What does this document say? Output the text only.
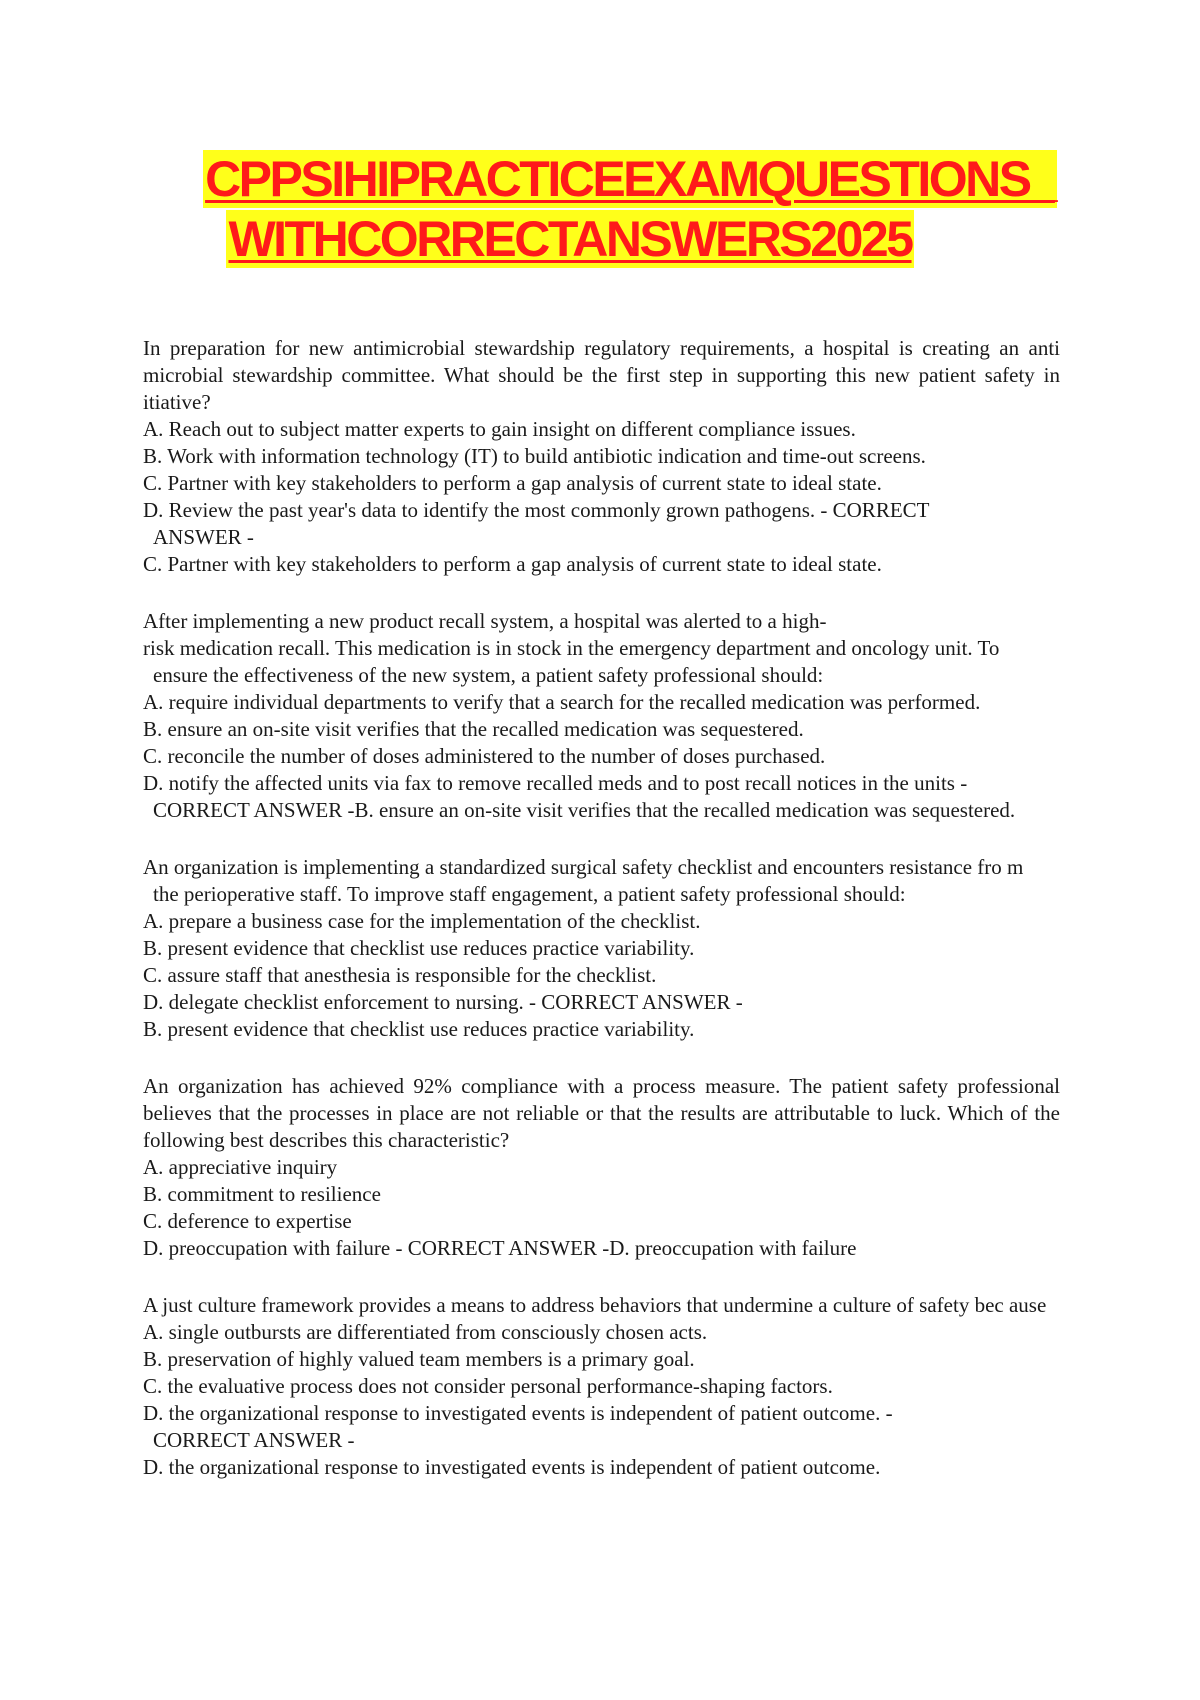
CPPSIHIPRACTICEEXAMQUESTIONS_
WITHCORRECTANSWERS2025

In preparation for new antimicrobial stewardship regulatory requirements, a hospital is creating an anti microbial stewardship committee. What should be the first step in supporting this new patient safety in itiative?

A. Reach out to subject matter experts to gain insight on different compliance issues.

B. Work with information technology (IT) to build antibiotic indication and time-out screens.

C. Partner with key stakeholders to perform a gap analysis of current state to ideal state.

D. Review the past year's data to identify the most commonly grown pathogens. - CORRECT

ANSWER -

C. Partner with key stakeholders to perform a gap analysis of current state to ideal state.

After implementing a new product recall system, a hospital was alerted to a high-

risk medication recall. This medication is in stock in the emergency department and oncology unit. To

ensure the effectiveness of the new system, a patient safety professional should:

A. require individual departments to verify that a search for the recalled medication was performed.

B. ensure an on-site visit verifies that the recalled medication was sequestered.

C. reconcile the number of doses administered to the number of doses purchased.

D. notify the affected units via fax to remove recalled meds and to post recall notices in the units -

CORRECT ANSWER -B. ensure an on-site visit verifies that the recalled medication was sequestered.

An organization is implementing a standardized surgical safety checklist and encounters resistance fro m

the perioperative staff. To improve staff engagement, a patient safety professional should:

A. prepare a business case for the implementation of the checklist.

B. present evidence that checklist use reduces practice variability.

C. assure staff that anesthesia is responsible for the checklist.

D. delegate checklist enforcement to nursing. - CORRECT ANSWER -

B. present evidence that checklist use reduces practice variability.

An organization has achieved 92% compliance with a process measure. The patient safety professional believes that the processes in place are not reliable or that the results are attributable to luck. Which of the following best describes this characteristic?

A. appreciative inquiry

B. commitment to resilience

C. deference to expertise

D. preoccupation with failure - CORRECT ANSWER -D. preoccupation with failure

A just culture framework provides a means to address behaviors that undermine a culture of safety bec ause

A. single outbursts are differentiated from consciously chosen acts.

B. preservation of highly valued team members is a primary goal.

C. the evaluative process does not consider personal performance-shaping factors.

D. the organizational response to investigated events is independent of patient outcome. -

CORRECT ANSWER -

D. the organizational response to investigated events is independent of patient outcome.
